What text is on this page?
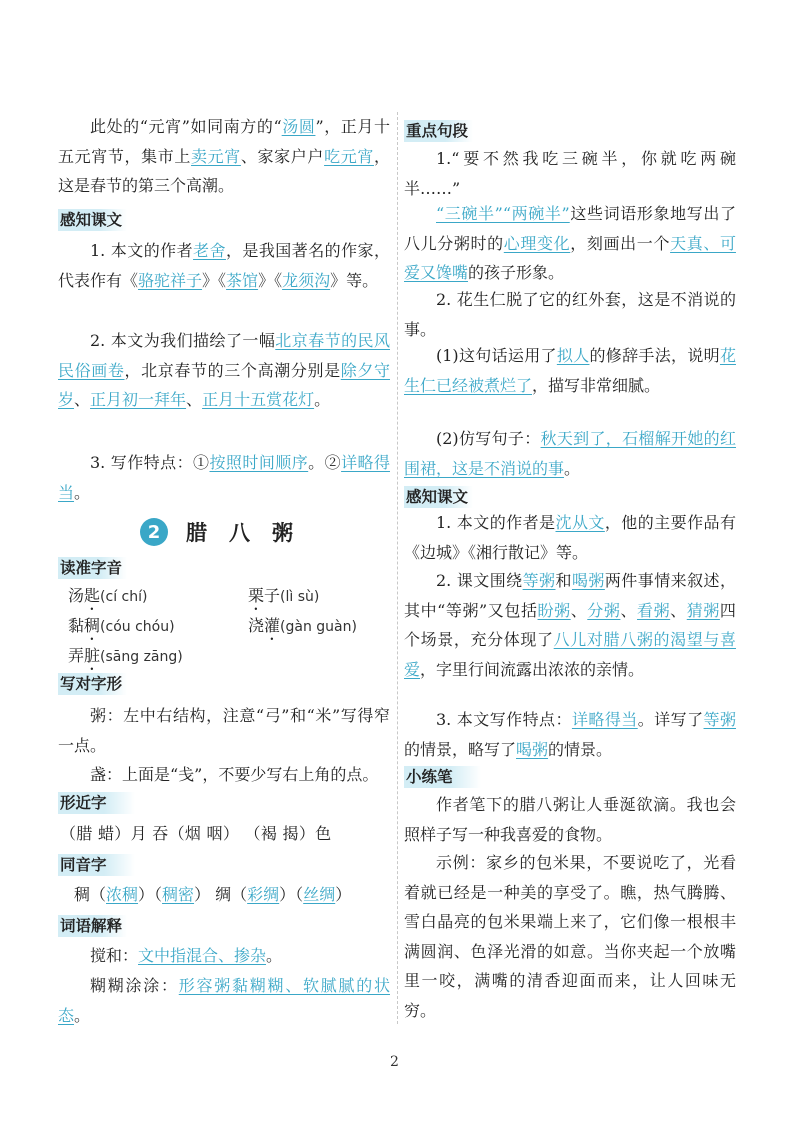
此处的“元宵”如同南方的“汤圆”，正月十五元宵节，集市上卖元宵、家家户户吃元宵，这是春节的第三个高潮。
感知课文
1. 本文的作者老舍，是我国著名的作家，代表作有《骆驼祥子》《茶馆》《龙须沟》等。
2. 本文为我们描绘了一幅北京春节的民风民俗画卷，北京春节的三个高潮分别是除夕守岁、正月初一拜年、正月十五赏花灯。
3. 写作特点：①按照时间顺序。②详略得当。
2	腊八粥
读准字音
汤匙(cí chí)	栗子(lì sù)
黏稠(cóu chóu)	浇灌(gàn guàn)
弄脏(sāng zāng)
写对字形
粥：左中右结构，注意“弓”和“米”写得窄一点。
盏：上面是“戋”，不要少写右上角的点。
形近字
（腊 蜡）月 吞（烟 咽） （褐 揭）色
同音字
稠（浓稠）（稠密） 绸（彩绸）（丝绸）
词语解释
搅和：文中指混合、掺杂。
糊糊涂涂：形容粥黏糊糊、软腻腻的状态。
重点句段
1.“要不然我吃三碗半，你就吃两碗半……”
“三碗半”“两碗半”这些词语形象地写出了八儿分粥时的心理变化，刻画出一个天真、可爱又馋嘴的孩子形象。
2. 花生仁脱了它的红外套，这是不消说的事。
(1)这句话运用了拟人的修辞手法，说明花生仁已经被煮烂了，描写非常细腻。
(2)仿写句子：秋天到了，石榴解开她的红围裙，这是不消说的事。
感知课文
1. 本文的作者是沈从文，他的主要作品有《边城》《湘行散记》等。
2. 课文围绕等粥和喝粥两件事情来叙述，其中“等粥”又包括盼粥、分粥、看粥、猜粥四个场景，充分体现了八儿对腊八粥的渴望与喜爱，字里行间流露出浓浓的亲情。
3. 本文写作特点：详略得当。详写了等粥的情景，略写了喝粥的情景。
小练笔
作者笔下的腊八粥让人垂涎欲滴。我也会照样子写一种我喜爱的食物。
示例：家乡的包米果，不要说吃了，光看着就已经是一种美的享受了。瞧，热气腾腾、雪白晶亮的包米果端上来了，它们像一根根丰满圆润、色泽光滑的如意。当你夹起一个放嘴里一咬，满嘴的清香迎面而来，让人回味无穷。
2
